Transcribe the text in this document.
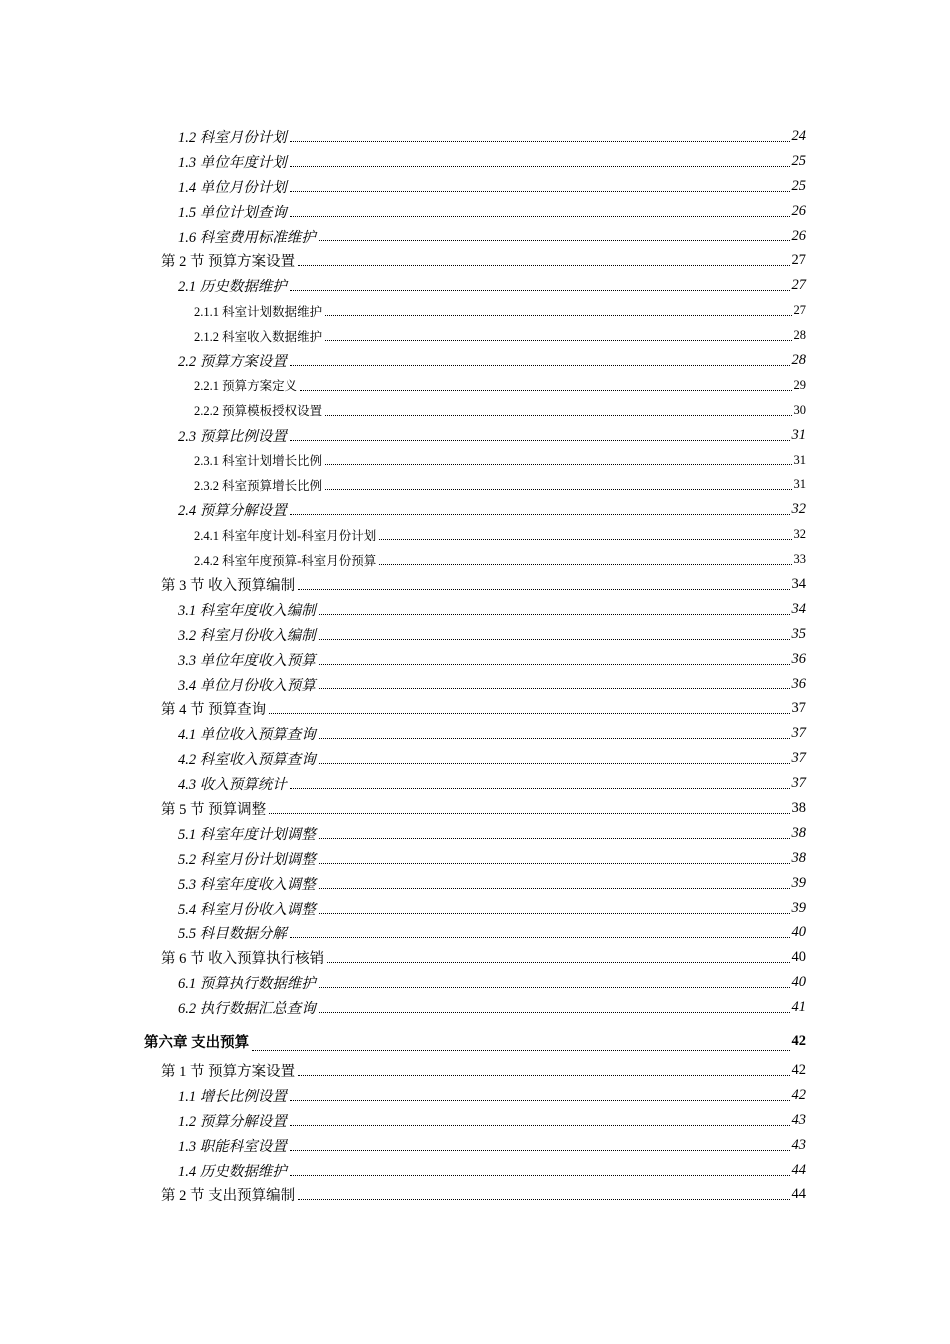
1.2 科室月份计划	24
1.3 单位年度计划	25
1.4 单位月份计划	25
1.5 单位计划查询	26
1.6 科室费用标准维护	26
第 2 节 预算方案设置	27
2.1 历史数据维护	27
2.1.1 科室计划数据维护	27
2.1.2 科室收入数据维护	28
2.2 预算方案设置	28
2.2.1 预算方案定义	29
2.2.2 预算模板授权设置	30
2.3 预算比例设置	31
2.3.1 科室计划增长比例	31
2.3.2 科室预算增长比例	31
2.4 预算分解设置	32
2.4.1 科室年度计划-科室月份计划	32
2.4.2 科室年度预算-科室月份预算	33
第 3 节 收入预算编制	34
3.1 科室年度收入编制	34
3.2 科室月份收入编制	35
3.3 单位年度收入预算	36
3.4 单位月份收入预算	36
第 4 节 预算查询	37
4.1 单位收入预算查询	37
4.2 科室收入预算查询	37
4.3 收入预算统计	37
第 5 节 预算调整	38
5.1 科室年度计划调整	38
5.2 科室月份计划调整	38
5.3 科室年度收入调整	39
5.4 科室月份收入调整	39
5.5 科目数据分解	40
第 6 节 收入预算执行核销	40
6.1 预算执行数据维护	40
6.2 执行数据汇总查询	41
第六章 支出预算	42
第 1 节 预算方案设置	42
1.1 增长比例设置	42
1.2 预算分解设置	43
1.3 职能科室设置	43
1.4 历史数据维护	44
第 2 节 支出预算编制	44
